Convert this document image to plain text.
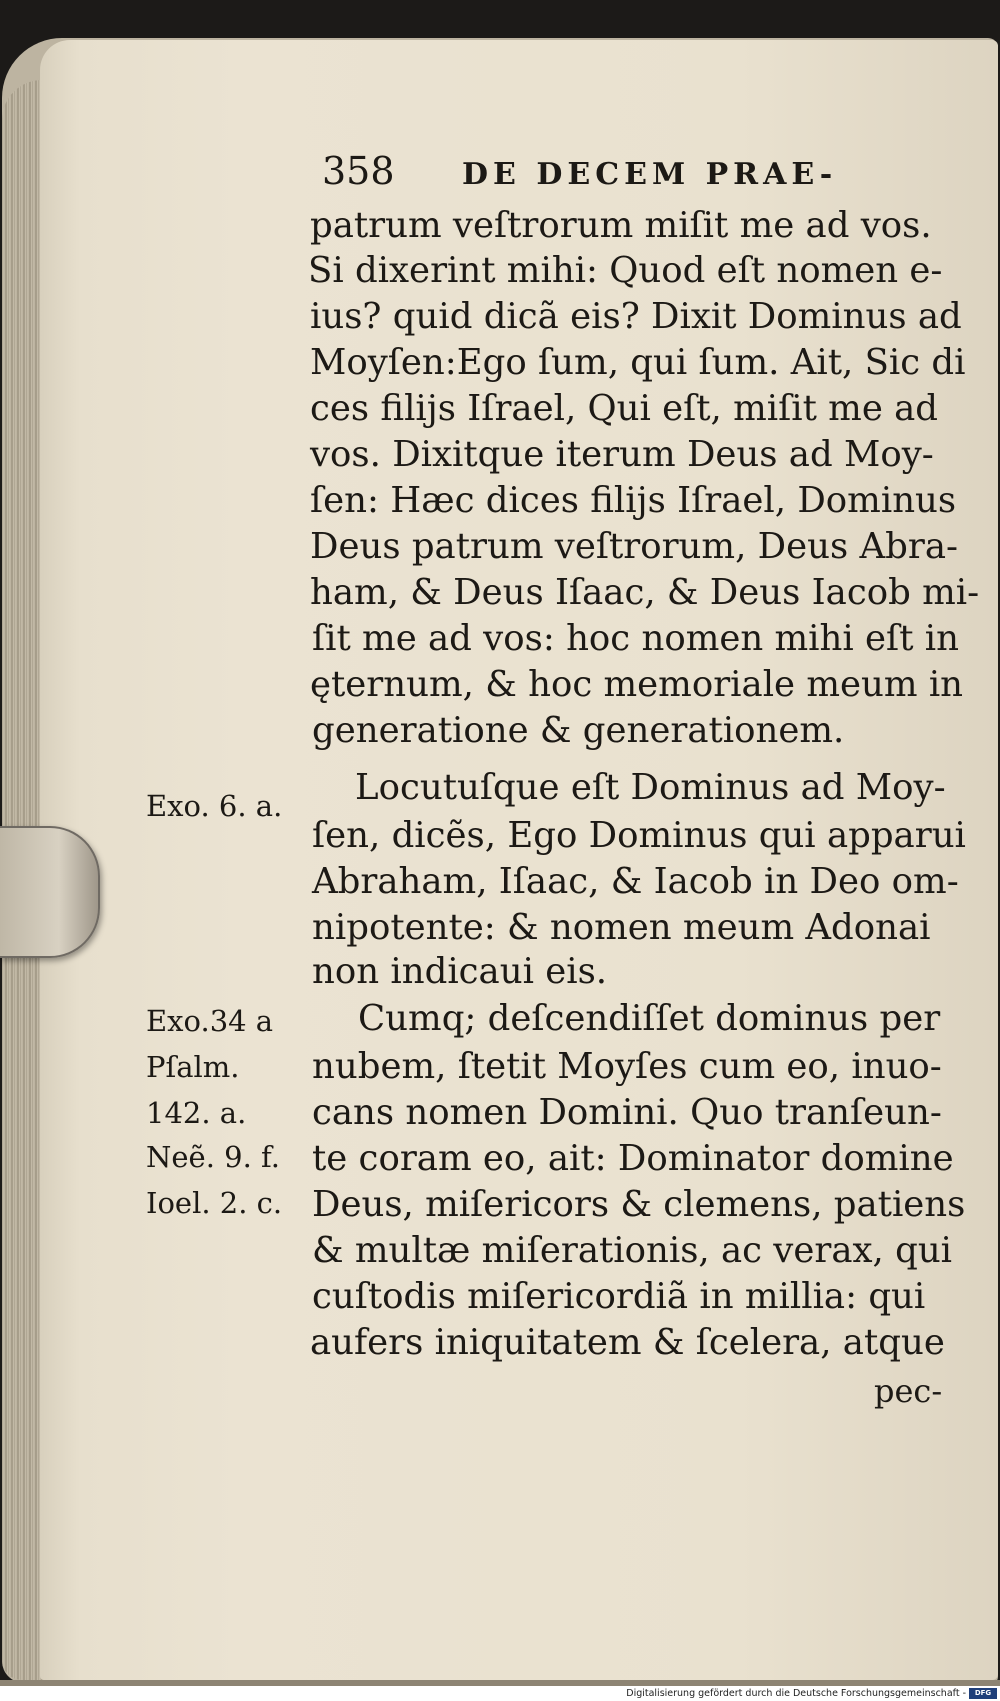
358 DE DECEM PRAE-
patrum veſtrorum miſit me ad vos.
Si dixerint mihi: Quod eſt nomen e-
ius? quid dicã eis? Dixit Dominus ad
Moyſen:Ego ſum, qui ſum. Ait, Sic di
ces filijs Iſrael, Qui eſt, miſit me ad
vos. Dixitque iterum Deus ad Moy-
ſen: Hæc dices filijs Iſrael, Dominus
Deus patrum veſtrorum, Deus Abra-
ham, & Deus Iſaac, & Deus Iacob mi-
ſit me ad vos: hoc nomen mihi eſt in
ęternum, & hoc memoriale meum in
generatione & generationem.
Locutuſque eſt Dominus ad Moy-
ſen, dicẽs, Ego Dominus qui apparui
Abraham, Iſaac, & Iacob in Deo om-
nipotente: & nomen meum Adonai
non indicaui eis.
Cumq; deſcendiſſet dominus per
nubem, ſtetit Moyſes cum eo, inuo-
cans nomen Domini. Quo tranſeun-
te coram eo, ait: Dominator domine
Deus, miſericors & clemens, patiens
& multæ miſerationis, ac verax, qui
cuſtodis miſericordiã in millia: qui
aufers iniquitatem & ſcelera, atque
pec-
Exo. 6. a.
Exo.34 a
Pſalm.
142. a.
Neẽ. 9. f.
Ioel. 2. c.
Digitalisierung gefördert durch die Deutsche Forschungsgemeinschaft -	DFG
